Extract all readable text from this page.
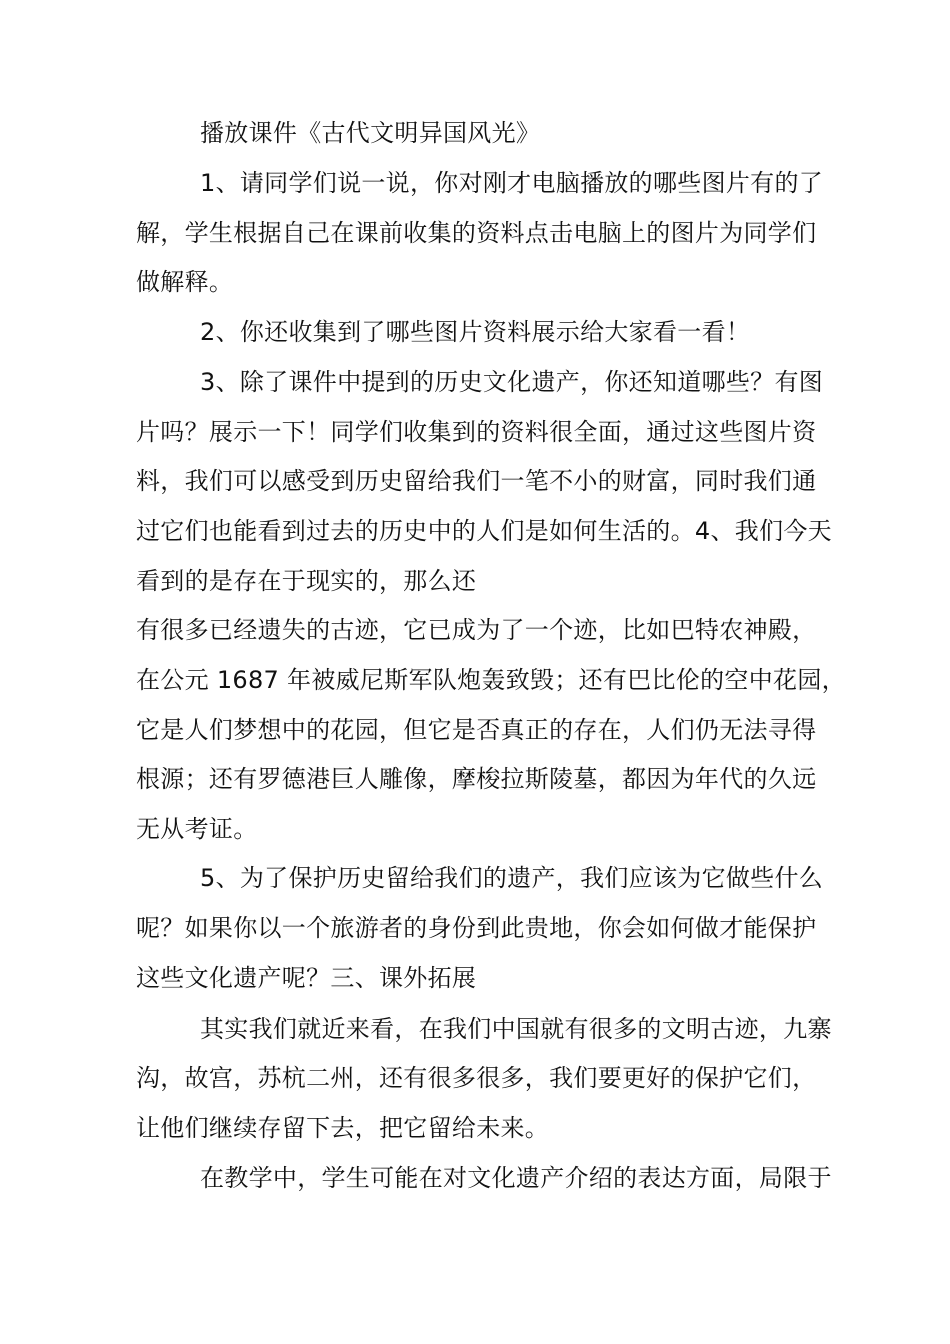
播放课件《古代文明异国风光》
1、请同学们说一说，你对刚才电脑播放的哪些图片有的了
解，学生根据自己在课前收集的资料点击电脑上的图片为同学们
做解释。
2、你还收集到了哪些图片资料展示给大家看一看！
3、除了课件中提到的历史文化遗产，你还知道哪些？有图
片吗？展示一下！同学们收集到的资料很全面，通过这些图片资
料，我们可以感受到历史留给我们一笔不小的财富，同时我们通
过它们也能看到过去的历史中的人们是如何生活的。4、我们今天
看到的是存在于现实的，那么还
有很多已经遗失的古迹，它已成为了一个迹，比如巴特农神殿，
在公元 1687 年被威尼斯军队炮轰致毁；还有巴比伦的空中花园，
它是人们梦想中的花园，但它是否真正的存在，人们仍无法寻得
根源；还有罗德港巨人雕像，摩梭拉斯陵墓，都因为年代的久远
无从考证。
5、为了保护历史留给我们的遗产，我们应该为它做些什么
呢？如果你以一个旅游者的身份到此贵地，你会如何做才能保护
这些文化遗产呢？三、课外拓展
其实我们就近来看，在我们中国就有很多的文明古迹，九寨
沟，故宫，苏杭二州，还有很多很多，我们要更好的保护它们，
让他们继续存留下去，把它留给未来。
在教学中，学生可能在对文化遗产介绍的表达方面，局限于
